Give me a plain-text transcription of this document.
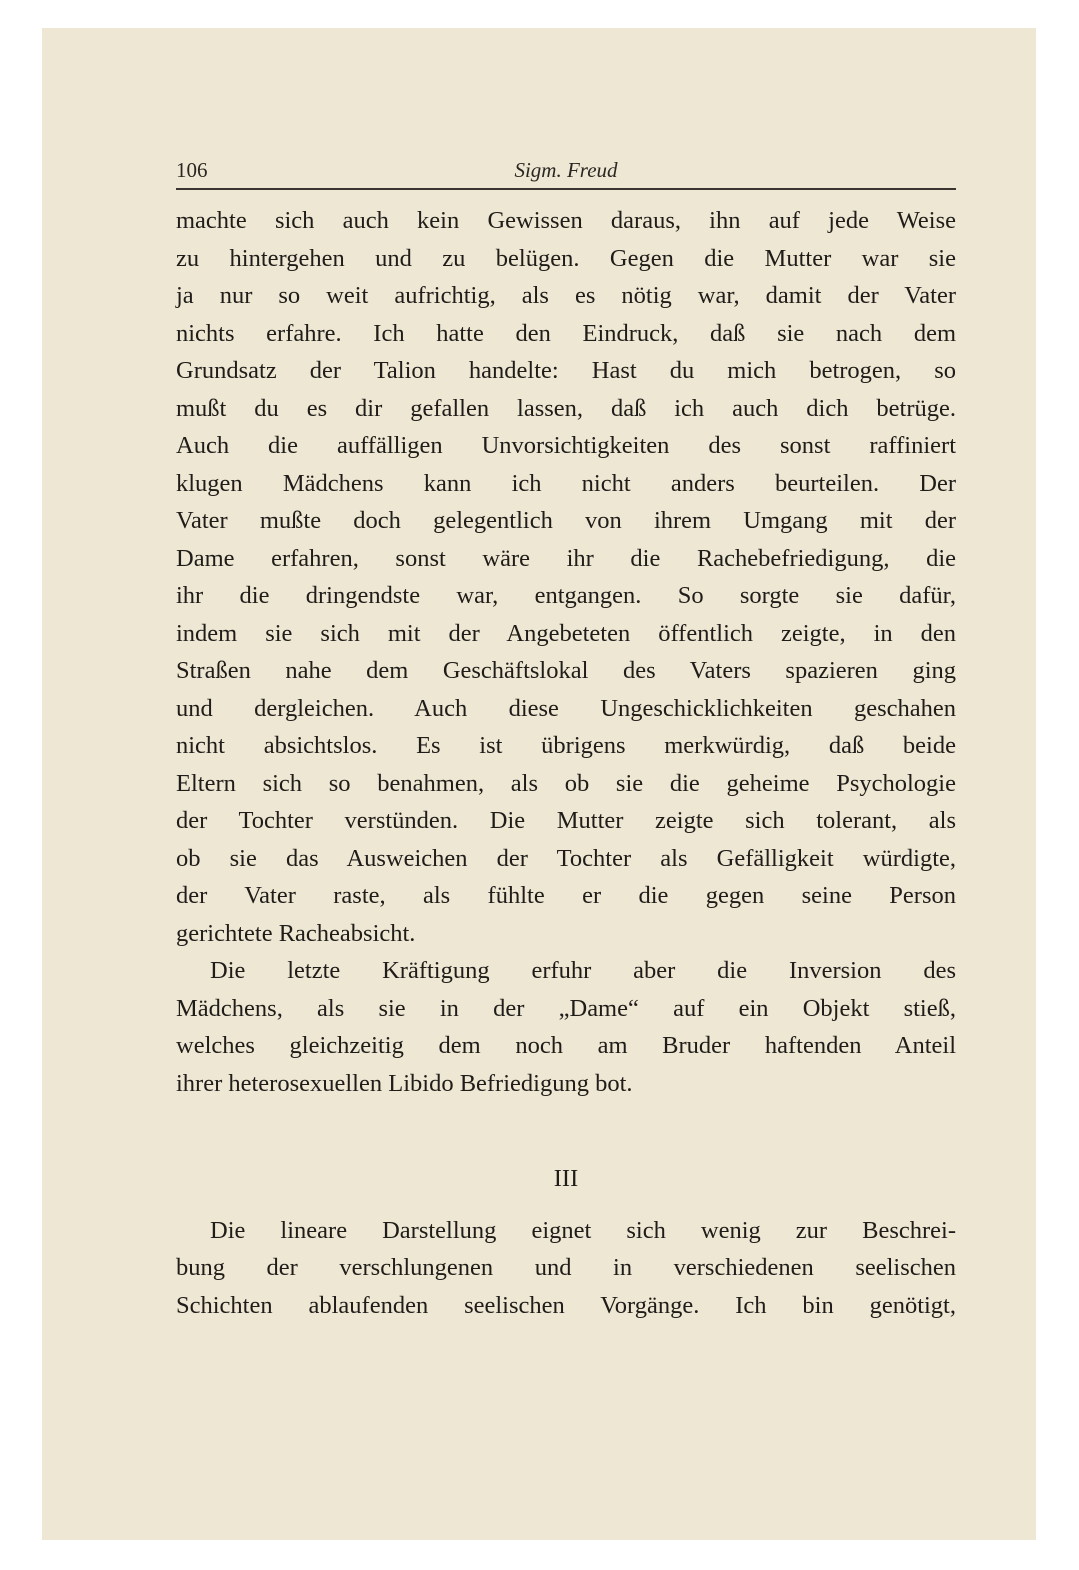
106	Sigm. Freud
machte sich auch kein Gewissen daraus, ihn auf jede Weise
zu hintergehen und zu belügen. Gegen die Mutter war sie
ja nur so weit aufrichtig, als es nötig war, damit der Vater
nichts erfahre. Ich hatte den Eindruck, daß sie nach dem
Grundsatz der Talion handelte: Hast du mich betrogen, so
mußt du es dir gefallen lassen, daß ich auch dich betrüge.
Auch die auffälligen Unvorsichtigkeiten des sonst raffiniert
klugen Mädchens kann ich nicht anders beurteilen. Der
Vater mußte doch gelegentlich von ihrem Umgang mit der
Dame erfahren, sonst wäre ihr die Rachebefriedigung, die
ihr die dringendste war, entgangen. So sorgte sie dafür,
indem sie sich mit der Angebeteten öffentlich zeigte, in den
Straßen nahe dem Geschäftslokal des Vaters spazieren ging
und dergleichen. Auch diese Ungeschicklichkeiten geschahen
nicht absichtslos. Es ist übrigens merkwürdig, daß beide
Eltern sich so benahmen, als ob sie die geheime Psychologie
der Tochter verstünden. Die Mutter zeigte sich tolerant, als
ob sie das Ausweichen der Tochter als Gefälligkeit würdigte,
der Vater raste, als fühlte er die gegen seine Person
gerichtete Racheabsicht.
Die letzte Kräftigung erfuhr aber die Inversion des
Mädchens, als sie in der „Dame“ auf ein Objekt stieß,
welches gleichzeitig dem noch am Bruder haftenden Anteil
ihrer heterosexuellen Libido Befriedigung bot.
III
Die lineare Darstellung eignet sich wenig zur Beschrei-
bung der verschlungenen und in verschiedenen seelischen
Schichten ablaufenden seelischen Vorgänge. Ich bin genötigt,
